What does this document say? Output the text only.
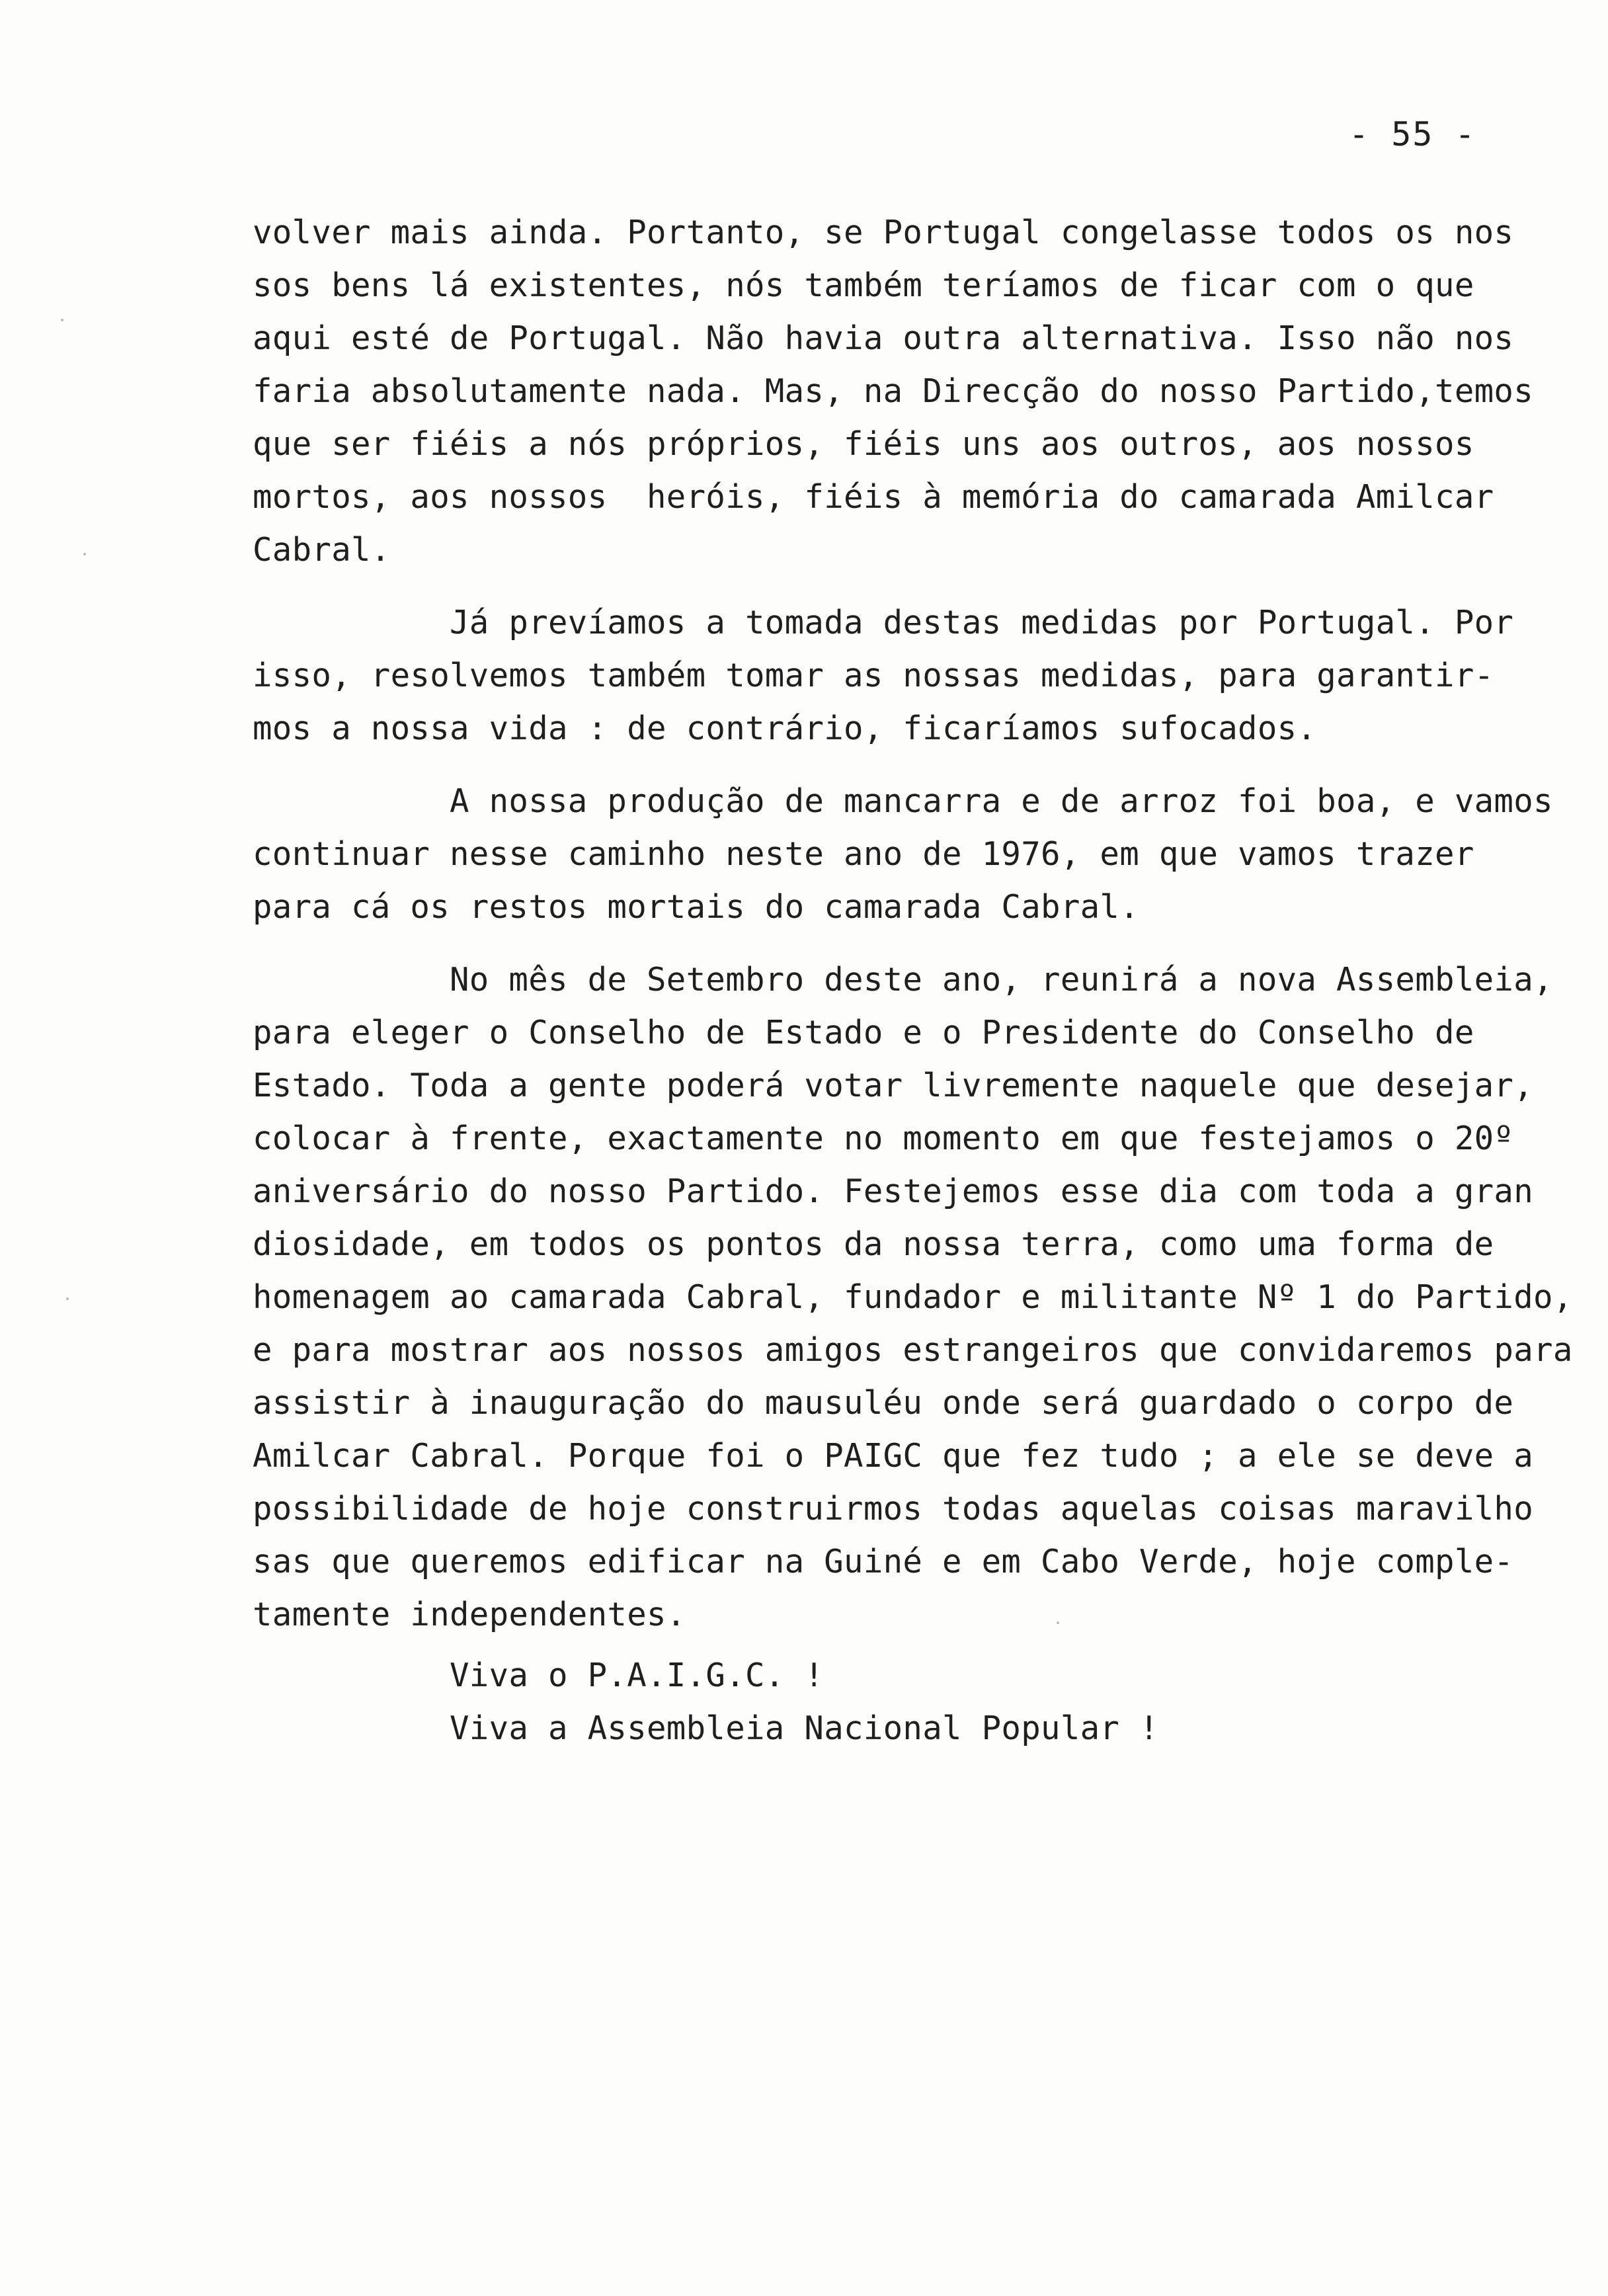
- 55 -
volver mais ainda. Portanto, se Portugal congelasse todos os nos
sos bens lá existentes, nós também teríamos de ficar com o que
aqui esté de Portugal. Não havia outra alternativa. Isso não nos
faria absolutamente nada. Mas, na Direcção do nosso Partido,temos
que ser fiéis a nós próprios, fiéis uns aos outros, aos nossos
mortos, aos nossos  heróis, fiéis à memória do camarada Amilcar
Cabral.
Já prevíamos a tomada destas medidas por Portugal. Por
isso, resolvemos também tomar as nossas medidas, para garantir-
mos a nossa vida : de contrário, ficaríamos sufocados.
A nossa produção de mancarra e de arroz foi boa, e vamos
continuar nesse caminho neste ano de 1976, em que vamos trazer
para cá os restos mortais do camarada Cabral.
No mês de Setembro deste ano, reunirá a nova Assembleia,
para eleger o Conselho de Estado e o Presidente do Conselho de
Estado. Toda a gente poderá votar livremente naquele que desejar,
colocar à frente, exactamente no momento em que festejamos o 20º
aniversário do nosso Partido. Festejemos esse dia com toda a gran
diosidade, em todos os pontos da nossa terra, como uma forma de
homenagem ao camarada Cabral, fundador e militante Nº 1 do Partido,
e para mostrar aos nossos amigos estrangeiros que convidaremos para
assistir à inauguração do mausuléu onde será guardado o corpo de
Amilcar Cabral. Porque foi o PAIGC que fez tudo ; a ele se deve a
possibilidade de hoje construirmos todas aquelas coisas maravilho
sas que queremos edificar na Guiné e em Cabo Verde, hoje comple-
tamente independentes.
Viva o P.A.I.G.C. !
Viva a Assembleia Nacional Popular !
